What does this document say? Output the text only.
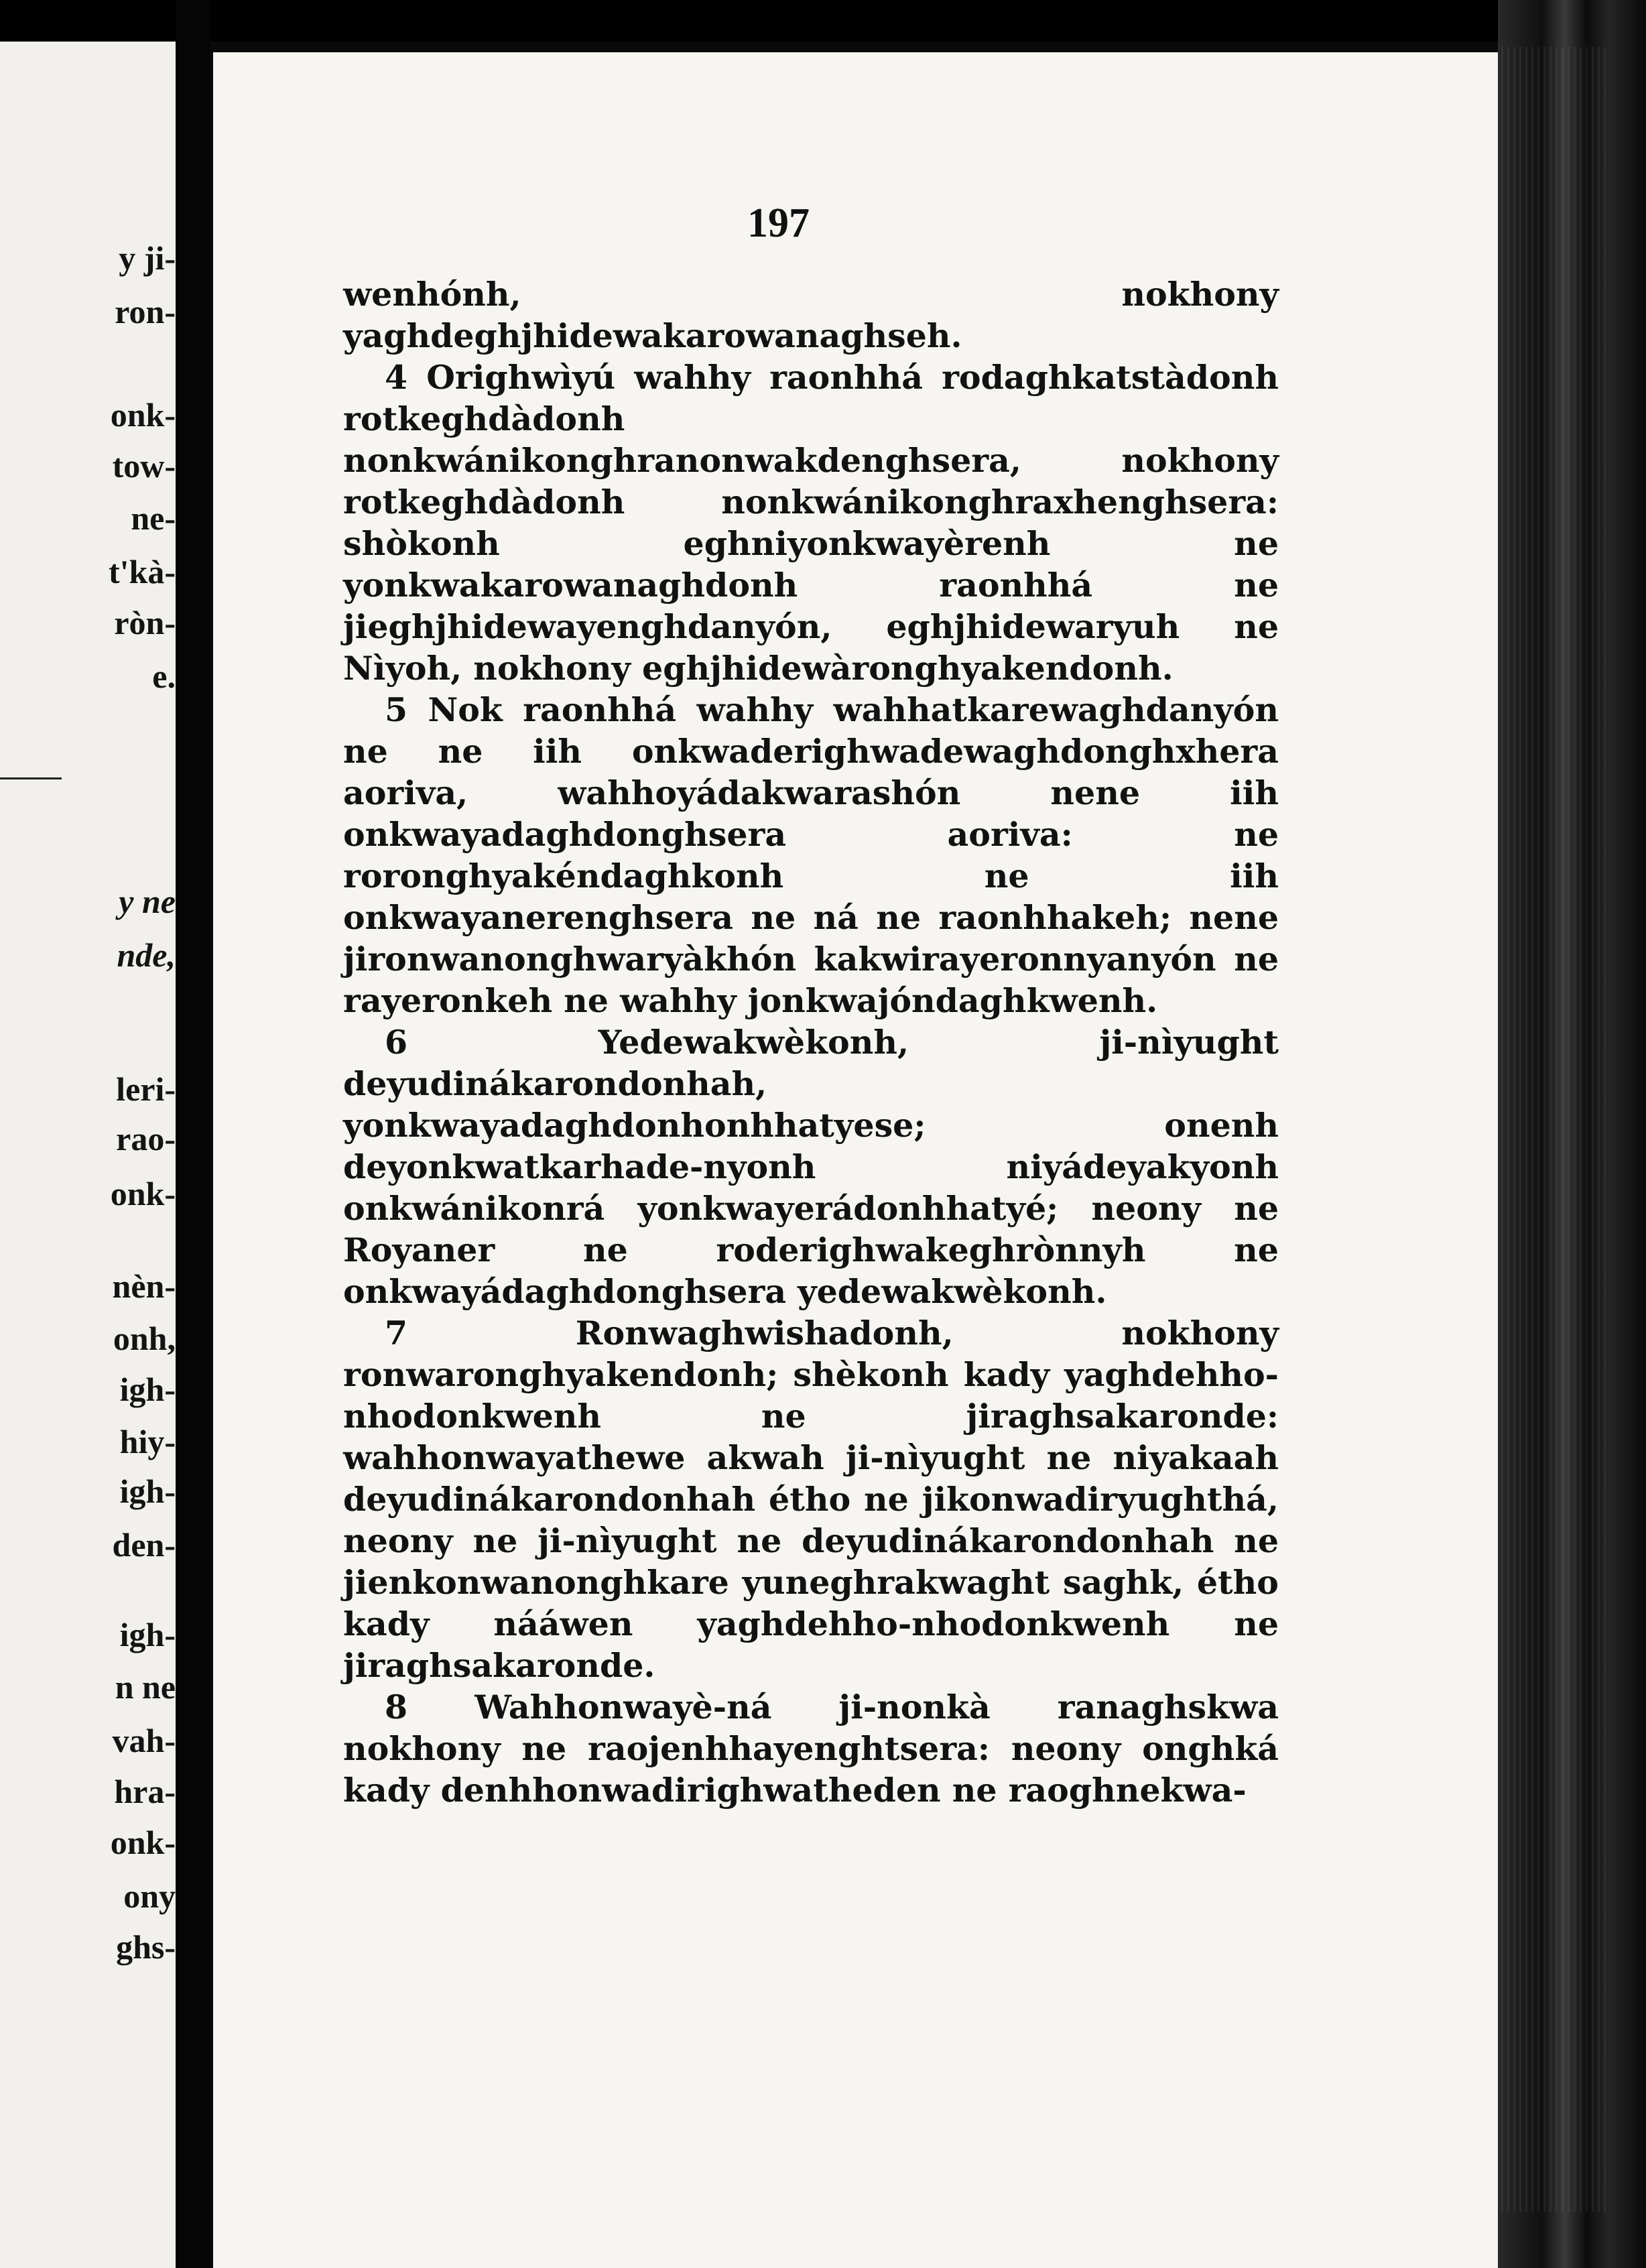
y ji-
ron-
onk-
tow-
ne-
t'kà-
ròn-
e.
y ne
nde,
leri-
rao-
onk-
nèn-
onh,
igh-
hiy-
igh-
den-
igh-
n ne
vah-
hra-
onk-
ony
ghs-
197

wenhónh, nokhony yaghdeghjhidewakarowanaghseh.

4 Orighwìyú wahhy raonhhá rodaghkatstàdonh rotkeghdàdonh nonkwánikonghranonwakdenghsera, nokhony rotkeghdàdonh nonkwánikonghraxhenghsera: shòkonh eghniyonkwayèrenh ne yonkwakarowanaghdonh raonhhá ne jieghjhidewayenghdanyón, eghjhidewaryuh ne Nìyoh, nokhony eghjhidewàronghyakendonh.

5 Nok raonhhá wahhy wahhatkarewaghdanyón ne ne iih onkwaderighwadewaghdonghxhera aoriva, wahhoyádakwarashón nene iih onkwayadaghdonghsera aoriva: ne roronghyakéndaghkonh ne iih onkwayanerenghsera ne ná ne raonhhakeh; nene jironwanonghwaryàkhón kakwirayeronnyanyón ne rayeronkeh ne wahhy jonkwajóndaghkwenh.

6 Yedewakwèkonh, ji-nìyught deyudinákarondonhah, yonkwayadaghdonhonhhatyese; onenh deyonkwatkarhade-nyonh niyádeyakyonh onkwánikonrá yonkwayerádonhhatyé; neony ne Royaner ne roderighwakeghrònnyh ne onkwayádaghdonghsera yedewakwèkonh.

7 Ronwaghwishadonh, nokhony ronwaronghyakendonh; shèkonh kady yaghdehho-nhodonkwenh ne jiraghsakaronde: wahhonwayathewe akwah ji-nìyught ne niyakaah deyudinákarondonhah étho ne jikonwadiryughthá, neony ne ji-nìyught ne deyudinákarondonhah ne jienkonwanonghkare yuneghrakwaght saghk, étho kady nááwen yaghdehho-nhodonkwenh ne jiraghsakaronde.

8 Wahhonwayè-ná ji-nonkà ranaghskwa nokhony ne raojenhhayenghtsera: neony onghká kady denhhonwadirighwatheden ne raoghnekwa-
